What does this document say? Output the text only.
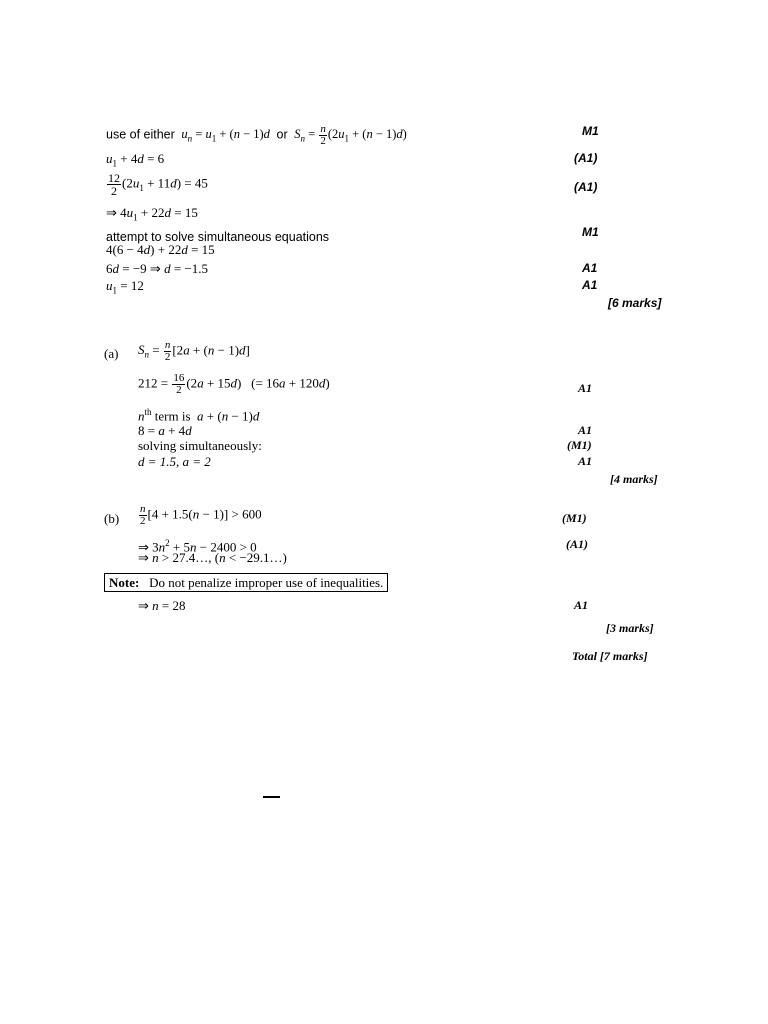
use of either $u_n = u_1 + (n - 1)d$ or $S_n = \frac{n}{2} (2u_1 + (n - 1)d)$	M1
$u_1 + 4d = 6$	(A1)
$\frac{12}{2} (2u_1 + 11d) = 45$	(A1)
⇒ $4u_1 + 22d = 15$
attempt to solve simultaneous equations	M1
4(6 − 4d) + 22d = 15
6d = −9 ⇒ d = −1.5	A1
$u_1 = 12$	A1
[6 marks]
(a) $S_n = \frac{n}{2} [2a + (n - 1)d]$
$212 = \frac{16}{2} (2a + 15d)$   (= 16a + 120d)	A1
$n^{th}$ term is a + (n − 1)d
8 = a + 4d	A1
solving simultaneously:	(M1)
d = 1.5, a = 2	A1
[4 marks]
$(b) \frac{n}{2} [4 + 1.5(n - 1)] > 600$	(M1)
⇒ $3n^2 + 5n - 2400 > 0$	(A1)
⇒ n > 27.4…, (n < −29.1…)
Note: Do not penalize improper use of inequalities.
⇒ n = 28	A1
[3 marks]
Total [7 marks]
